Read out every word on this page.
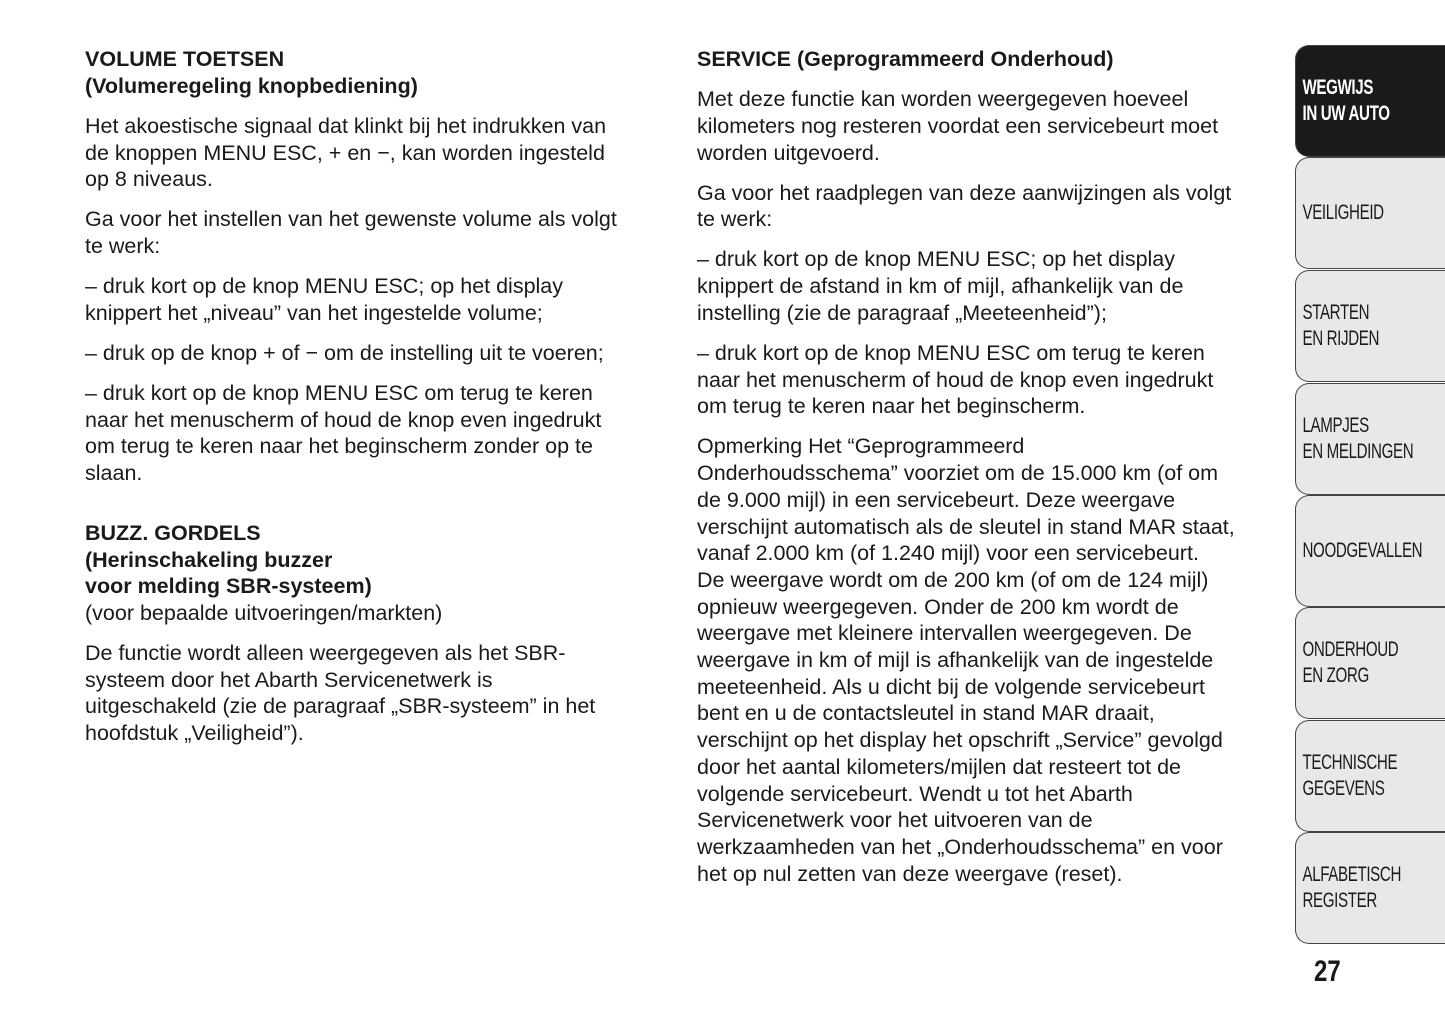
VOLUME TOETSEN
(Volumeregeling knopbediening)
Het akoestische signaal dat klinkt bij het indrukken van
de knoppen MENU ESC, + en −, kan worden ingesteld
op 8 niveaus.
Ga voor het instellen van het gewenste volume als volgt
te werk:
– druk kort op de knop MENU ESC; op het display
knippert het „niveau” van het ingestelde volume;
– druk op de knop + of − om de instelling uit te voeren;
– druk kort op de knop MENU ESC om terug te keren
naar het menuscherm of houd de knop even ingedrukt
om terug te keren naar het beginscherm zonder op te
slaan.
BUZZ. GORDELS
(Herinschakeling buzzer
voor melding SBR-systeem)
(voor bepaalde uitvoeringen/markten)
De functie wordt alleen weergegeven als het SBR-
systeem door het Abarth Servicenetwerk is
uitgeschakeld (zie de paragraaf „SBR-systeem” in het
hoofdstuk „Veiligheid”).
SERVICE (Geprogrammeerd Onderhoud)
Met deze functie kan worden weergegeven hoeveel
kilometers nog resteren voordat een servicebeurt moet
worden uitgevoerd.
Ga voor het raadplegen van deze aanwijzingen als volgt
te werk:
– druk kort op de knop MENU ESC; op het display
knippert de afstand in km of mijl, afhankelijk van de
instelling (zie de paragraaf „Meeteenheid”);
– druk kort op de knop MENU ESC om terug te keren
naar het menuscherm of houd de knop even ingedrukt
om terug te keren naar het beginscherm.
Opmerking Het “Geprogrammeerd
Onderhoudsschema” voorziet om de 15.000 km (of om
de 9.000 mijl) in een servicebeurt. Deze weergave
verschijnt automatisch als de sleutel in stand MAR staat,
vanaf 2.000 km (of 1.240 mijl) voor een servicebeurt.
De weergave wordt om de 200 km (of om de 124 mijl)
opnieuw weergegeven. Onder de 200 km wordt de
weergave met kleinere intervallen weergegeven. De
weergave in km of mijl is afhankelijk van de ingestelde
meeteenheid. Als u dicht bij de volgende servicebeurt
bent en u de contactsleutel in stand MAR draait,
verschijnt op het display het opschrift „Service” gevolgd
door het aantal kilometers/mijlen dat resteert tot de
volgende servicebeurt. Wendt u tot het Abarth
Servicenetwerk voor het uitvoeren van de
werkzaamheden van het „Onderhoudsschema” en voor
het op nul zetten van deze weergave (reset).
WEGWIJS
IN UW AUTO
VEILIGHEID
STARTEN
EN RIJDEN
LAMPJES
EN MELDINGEN
NOODGEVALLEN
ONDERHOUD
EN ZORG
TECHNISCHE
GEGEVENS
ALFABETISCH
REGISTER
27
